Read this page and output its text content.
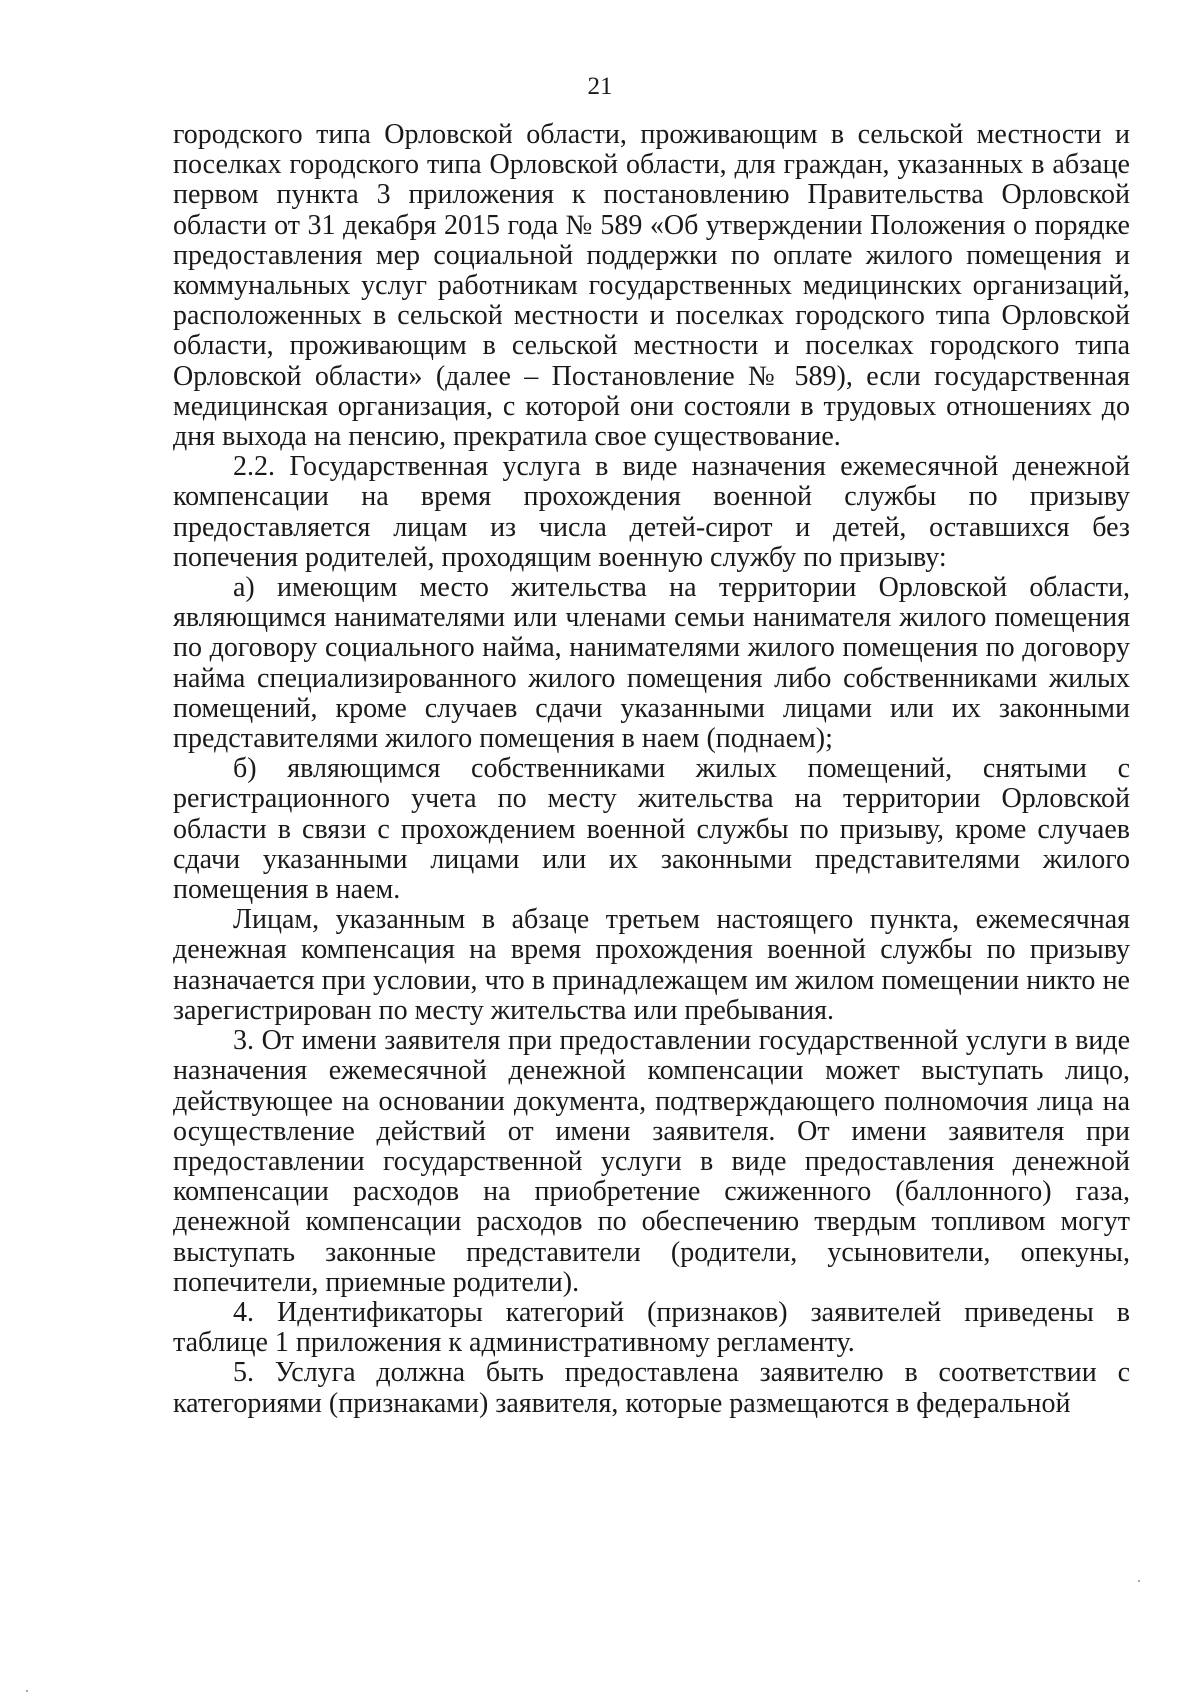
21

городского типа Орловской области, проживающим в сельской местности и поселках городского типа Орловской области, для граждан, указанных в абзаце первом пункта 3 приложения к постановлению Правительства Орловской области от 31 декабря 2015 года № 589 «Об утверждении Положения о порядке предоставления мер социальной поддержки по оплате жилого помещения и коммунальных услуг работникам государственных медицинских организаций, расположенных в сельской местности и поселках городского типа Орловской области, проживающим в сельской местности и поселках городского типа Орловской области» (далее – Постановление № 589), если государственная медицинская организация, с которой они состояли в трудовых отношениях до дня выхода на пенсию, прекратила свое существование.

2.2. Государственная услуга в виде назначения ежемесячной денежной компенсации на время прохождения военной службы по призыву предоставляется лицам из числа детей-сирот и детей, оставшихся без попечения родителей, проходящим военную службу по призыву:

а) имеющим место жительства на территории Орловской области, являющимся нанимателями или членами семьи нанимателя жилого помещения по договору социального найма, нанимателями жилого помещения по договору найма специализированного жилого помещения либо собственниками жилых помещений, кроме случаев сдачи указанными лицами или их законными представителями жилого помещения в наем (поднаем);

б) являющимся собственниками жилых помещений, снятыми с регистрационного учета по месту жительства на территории Орловской области в связи с прохождением военной службы по призыву, кроме случаев сдачи указанными лицами или их законными представителями жилого помещения в наем.

Лицам, указанным в абзаце третьем настоящего пункта, ежемесячная денежная компенсация на время прохождения военной службы по призыву назначается при условии, что в принадлежащем им жилом помещении никто не зарегистрирован по месту жительства или пребывания.

3. От имени заявителя при предоставлении государственной услуги в виде назначения ежемесячной денежной компенсации может выступать лицо, действующее на основании документа, подтверждающего полномочия лица на осуществление действий от имени заявителя. От имени заявителя при предоставлении государственной услуги в виде предоставления денежной компенсации расходов на приобретение сжиженного (баллонного) газа, денежной компенсации расходов по обеспечению твердым топливом могут выступать законные представители (родители, усыновители, опекуны, попечители, приемные родители).

4. Идентификаторы категорий (признаков) заявителей приведены в таблице 1 приложения к административному регламенту.

5. Услуга должна быть предоставлена заявителю в соответствии с категориями (признаками) заявителя, которые размещаются в федеральной
